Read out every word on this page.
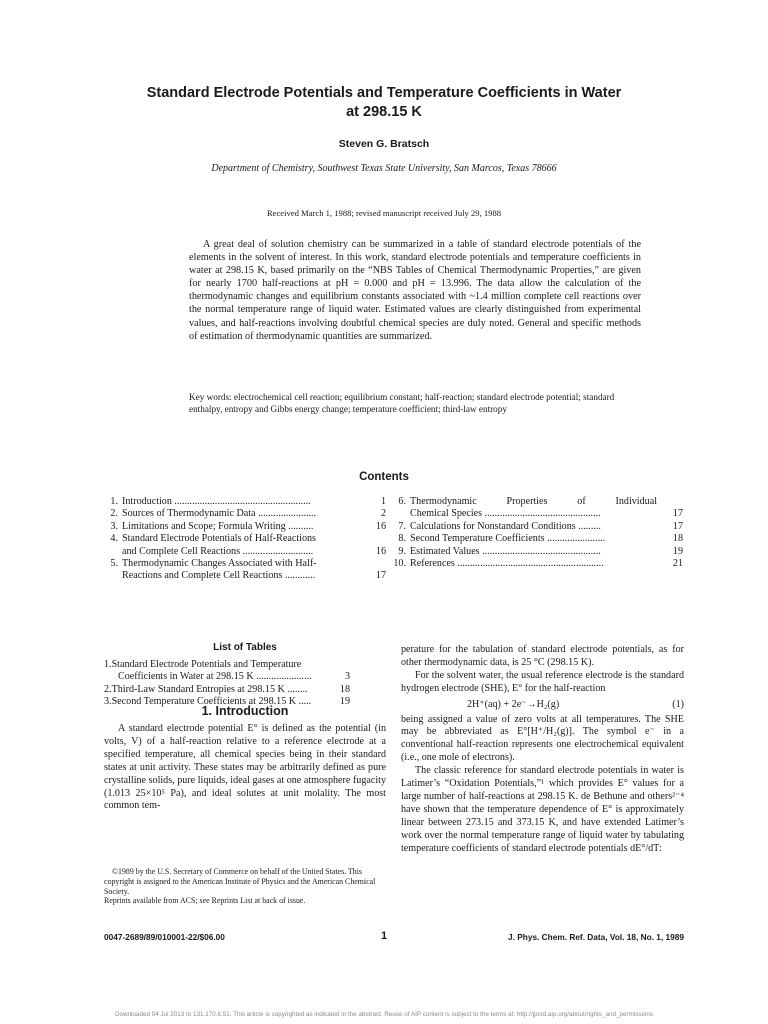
Standard Electrode Potentials and Temperature Coefficients in Water
at 298.15 K
Steven G. Bratsch
Department of Chemistry, Southwest Texas State University, San Marcos, Texas 78666
Received March 1, 1988; revised manuscript received July 29, 1988
A great deal of solution chemistry can be summarized in a table of standard electrode potentials of the elements in the solvent of interest. In this work, standard electrode potentials and temperature coefficients in water at 298.15 K, based primarily on the “NBS Tables of Chemical Thermodynamic Properties,” are given for nearly 1700 half-reactions at pH = 0.000 and pH = 13.996. The data allow the calculation of the thermodynamic changes and equilibrium constants associated with ~1.4 million complete cell reactions over the normal temperature range of liquid water. Estimated values are clearly distinguished from experimental values, and half-reactions involving doubtful chemical species are duly noted. General and specific methods of estimation of thermodynamic quantities are summarized.
Key words: electrochemical cell reaction; equilibrium constant; half-reaction; standard electrode potential; standard enthalpy, entropy and Gibbs energy change; temperature coefficient; third-law entropy
Contents
1. Introduction ......................................................	1
2. Sources of Thermodynamic Data .......................	2
3. Limitations and Scope; Formula Writing ..........	16
4. Standard Electrode Potentials of Half-Reactions
and Complete Cell Reactions ............................	16
5. Thermodynamic Changes Associated with Half-
Reactions and Complete Cell Reactions ............	17
6. Thermodynamic Properties of Individual
Chemical Species ..............................................	17
7. Calculations for Nonstandard Conditions .........	17
8. Second Temperature Coefficients .......................	18
9. Estimated Values ...............................................	19
10. References ..........................................................	21
List of Tables
1.Standard Electrode Potentials and Temperature
Coefficients in Water at 298.15 K ......................	3
2.Third-Law Standard Entropies at 298.15 K ........	18
3.Second Temperature Coefficients at 298.15 K .....	19
1. Introduction

A standard electrode potential E° is defined as the potential (in volts, V) of a half-reaction relative to a reference electrode at a specified temperature, all chemical species being in their standard states at unit activity. These states may be arbitrarily defined as pure crystalline solids, pure liquids, ideal gases at one atmosphere fugacity (1.013 25×10⁵ Pa), and ideal solutes at unit molality. The most common tem-

perature for the tabulation of standard electrode potentials, as for other thermodynamic data, is 25 °C (298.15 K).

For the solvent water, the usual reference electrode is the standard hydrogen electrode (SHE), E° for the half-reaction

2H⁺(aq) + 2e⁻→H₂(g)	(1)

being assigned a value of zero volts at all temperatures. The SHE may be abbreviated as E°[H⁺/H₂(g)]. The symbol e⁻ in a conventional half-reaction represents one electrochemical equivalent (i.e., one mole of electrons).

The classic reference for standard electrode potentials in water is Latimer’s “Oxidation Potentials,”¹ which provides E° values for a large number of half-reactions at 298.15 K. de Bethune and others²⁻⁴ have shown that the temperature dependence of E° is approximately linear between 273.15 and 373.15 K, and have extended Latimer’s work over the normal temperature range of liquid water by tabulating temperature coefficients of standard electrode potentials dE°/dT:

©1989 by the U.S. Secretary of Commerce on behalf of the United States. This copyright is assigned to the American Institute of Physics and the American Chemical Society.
Reprints available from ACS; see Reprints List at back of issue.
0047-2689/89/010001-22/$06.00	1	J. Phys. Chem. Ref. Data, Vol. 18, No. 1, 1989
Downloaded 04 Jul 2013 to 131.170.6.51. This article is copyrighted as indicated in the abstract. Reuse of AIP content is subject to the terms at: http://jpcrd.aip.org/about/rights_and_permissions
